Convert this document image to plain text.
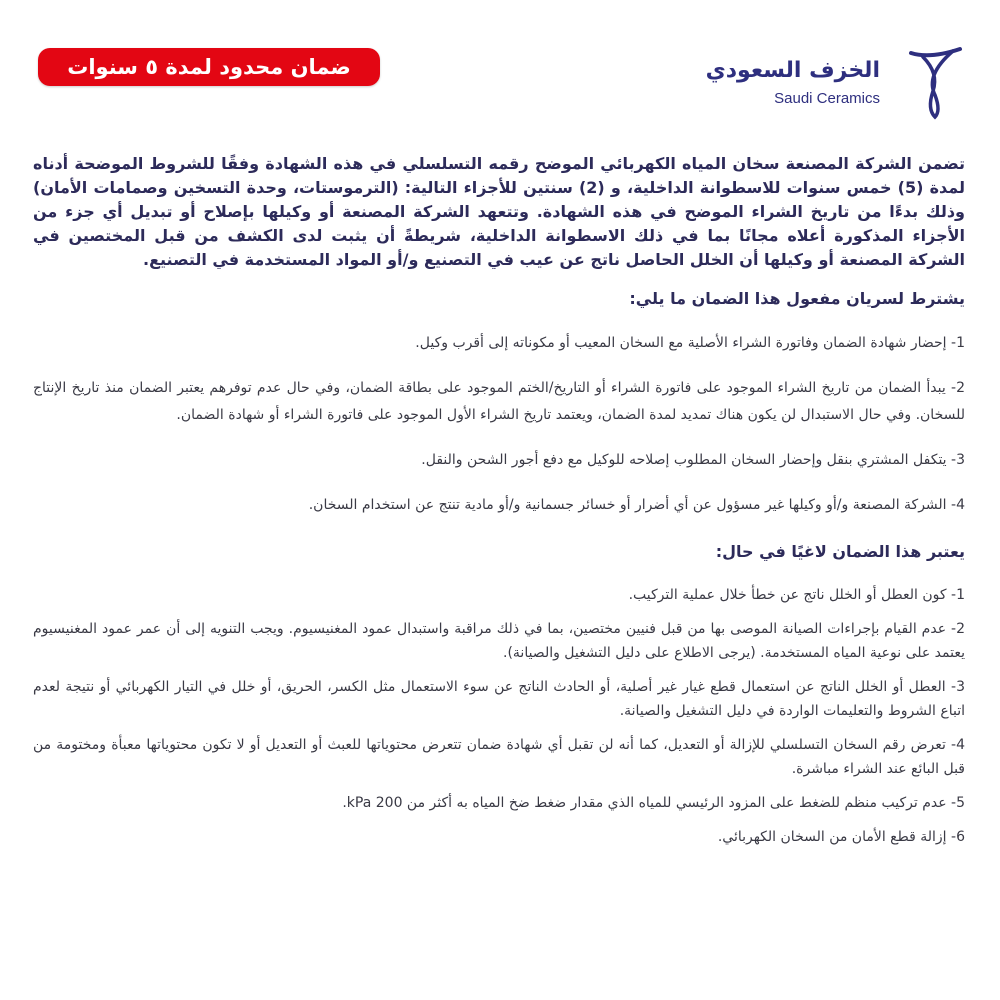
ضمان محدود لمدة ٥ سنوات	الخزف السعودي
Saudi Ceramics
تضمن الشركة المصنعة سخان المياه الكهربائي الموضح رقمه التسلسلي في هذه الشهادة وفقًا للشروط الموضحة أدناه لمدة (5) خمس سنوات للاسطوانة الداخلية، و (2) سنتين للأجزاء التالية: (الترموستات، وحدة التسخين وصمامات الأمان) وذلك بدءًا من تاريخ الشراء الموضح في هذه الشهادة. وتتعهد الشركة المصنعة أو وكيلها بإصلاح أو تبديل أي جزء من الأجزاء المذكورة أعلاه مجانًا بما في ذلك الاسطوانة الداخلية، شريطةً أن يثبت لدى الكشف من قبل المختصين في الشركة المصنعة أو وكيلها أن الخلل الحاصل ناتج عن عيب في التصنيع و/أو المواد المستخدمة في التصنيع.
يشترط لسريان مفعول هذا الضمان ما يلي:
1- إحضار شهادة الضمان وفاتورة الشراء الأصلية مع السخان المعيب أو مكوناته إلى أقرب وكيل.
2- يبدأ الضمان من تاريخ الشراء الموجود على فاتورة الشراء أو التاريخ/الختم الموجود على بطاقة الضمان، وفي حال عدم توفرهم يعتبر الضمان منذ تاريخ الإنتاج للسخان. وفي حال الاستبدال لن يكون هناك تمديد لمدة الضمان، ويعتمد تاريخ الشراء الأول الموجود على فاتورة الشراء أو شهادة الضمان.
3- يتكفل المشتري بنقل وإحضار السخان المطلوب إصلاحه للوكيل مع دفع أجور الشحن والنقل.
4- الشركة المصنعة و/أو وكيلها غير مسؤول عن أي أضرار أو خسائر جسمانية و/أو مادية تنتج عن استخدام السخان.
يعتبر هذا الضمان لاغيًا في حال:
1- كون العطل أو الخلل ناتج عن خطأ خلال عملية التركيب.
2- عدم القيام بإجراءات الصيانة الموصى بها من قبل فنيين مختصين، بما في ذلك مراقبة واستبدال عمود المغنيسيوم. ويجب التنويه إلى أن عمر عمود المغنيسيوم يعتمد على نوعية المياه المستخدمة. (يرجى الاطلاع على دليل التشغيل والصيانة).
3- العطل أو الخلل الناتج عن استعمال قطع غيار غير أصلية، أو الحادث الناتج عن سوء الاستعمال مثل الكسر، الحريق، أو خلل في التيار الكهربائي أو نتيجة لعدم اتباع الشروط والتعليمات الواردة في دليل التشغيل والصيانة.
4- تعرض رقم السخان التسلسلي للإزالة أو التعديل، كما أنه لن تقبل أي شهادة ضمان تتعرض محتوياتها للعبث أو التعديل أو لا تكون محتوياتها معبأة ومختومة من قبل البائع عند الشراء مباشرة.
5- عدم تركيب منظم للضغط على المزود الرئيسي للمياه الذي مقدار ضغط ضخ المياه به أكثر من 200 kPa.
6- إزالة قطع الأمان من السخان الكهربائي.
